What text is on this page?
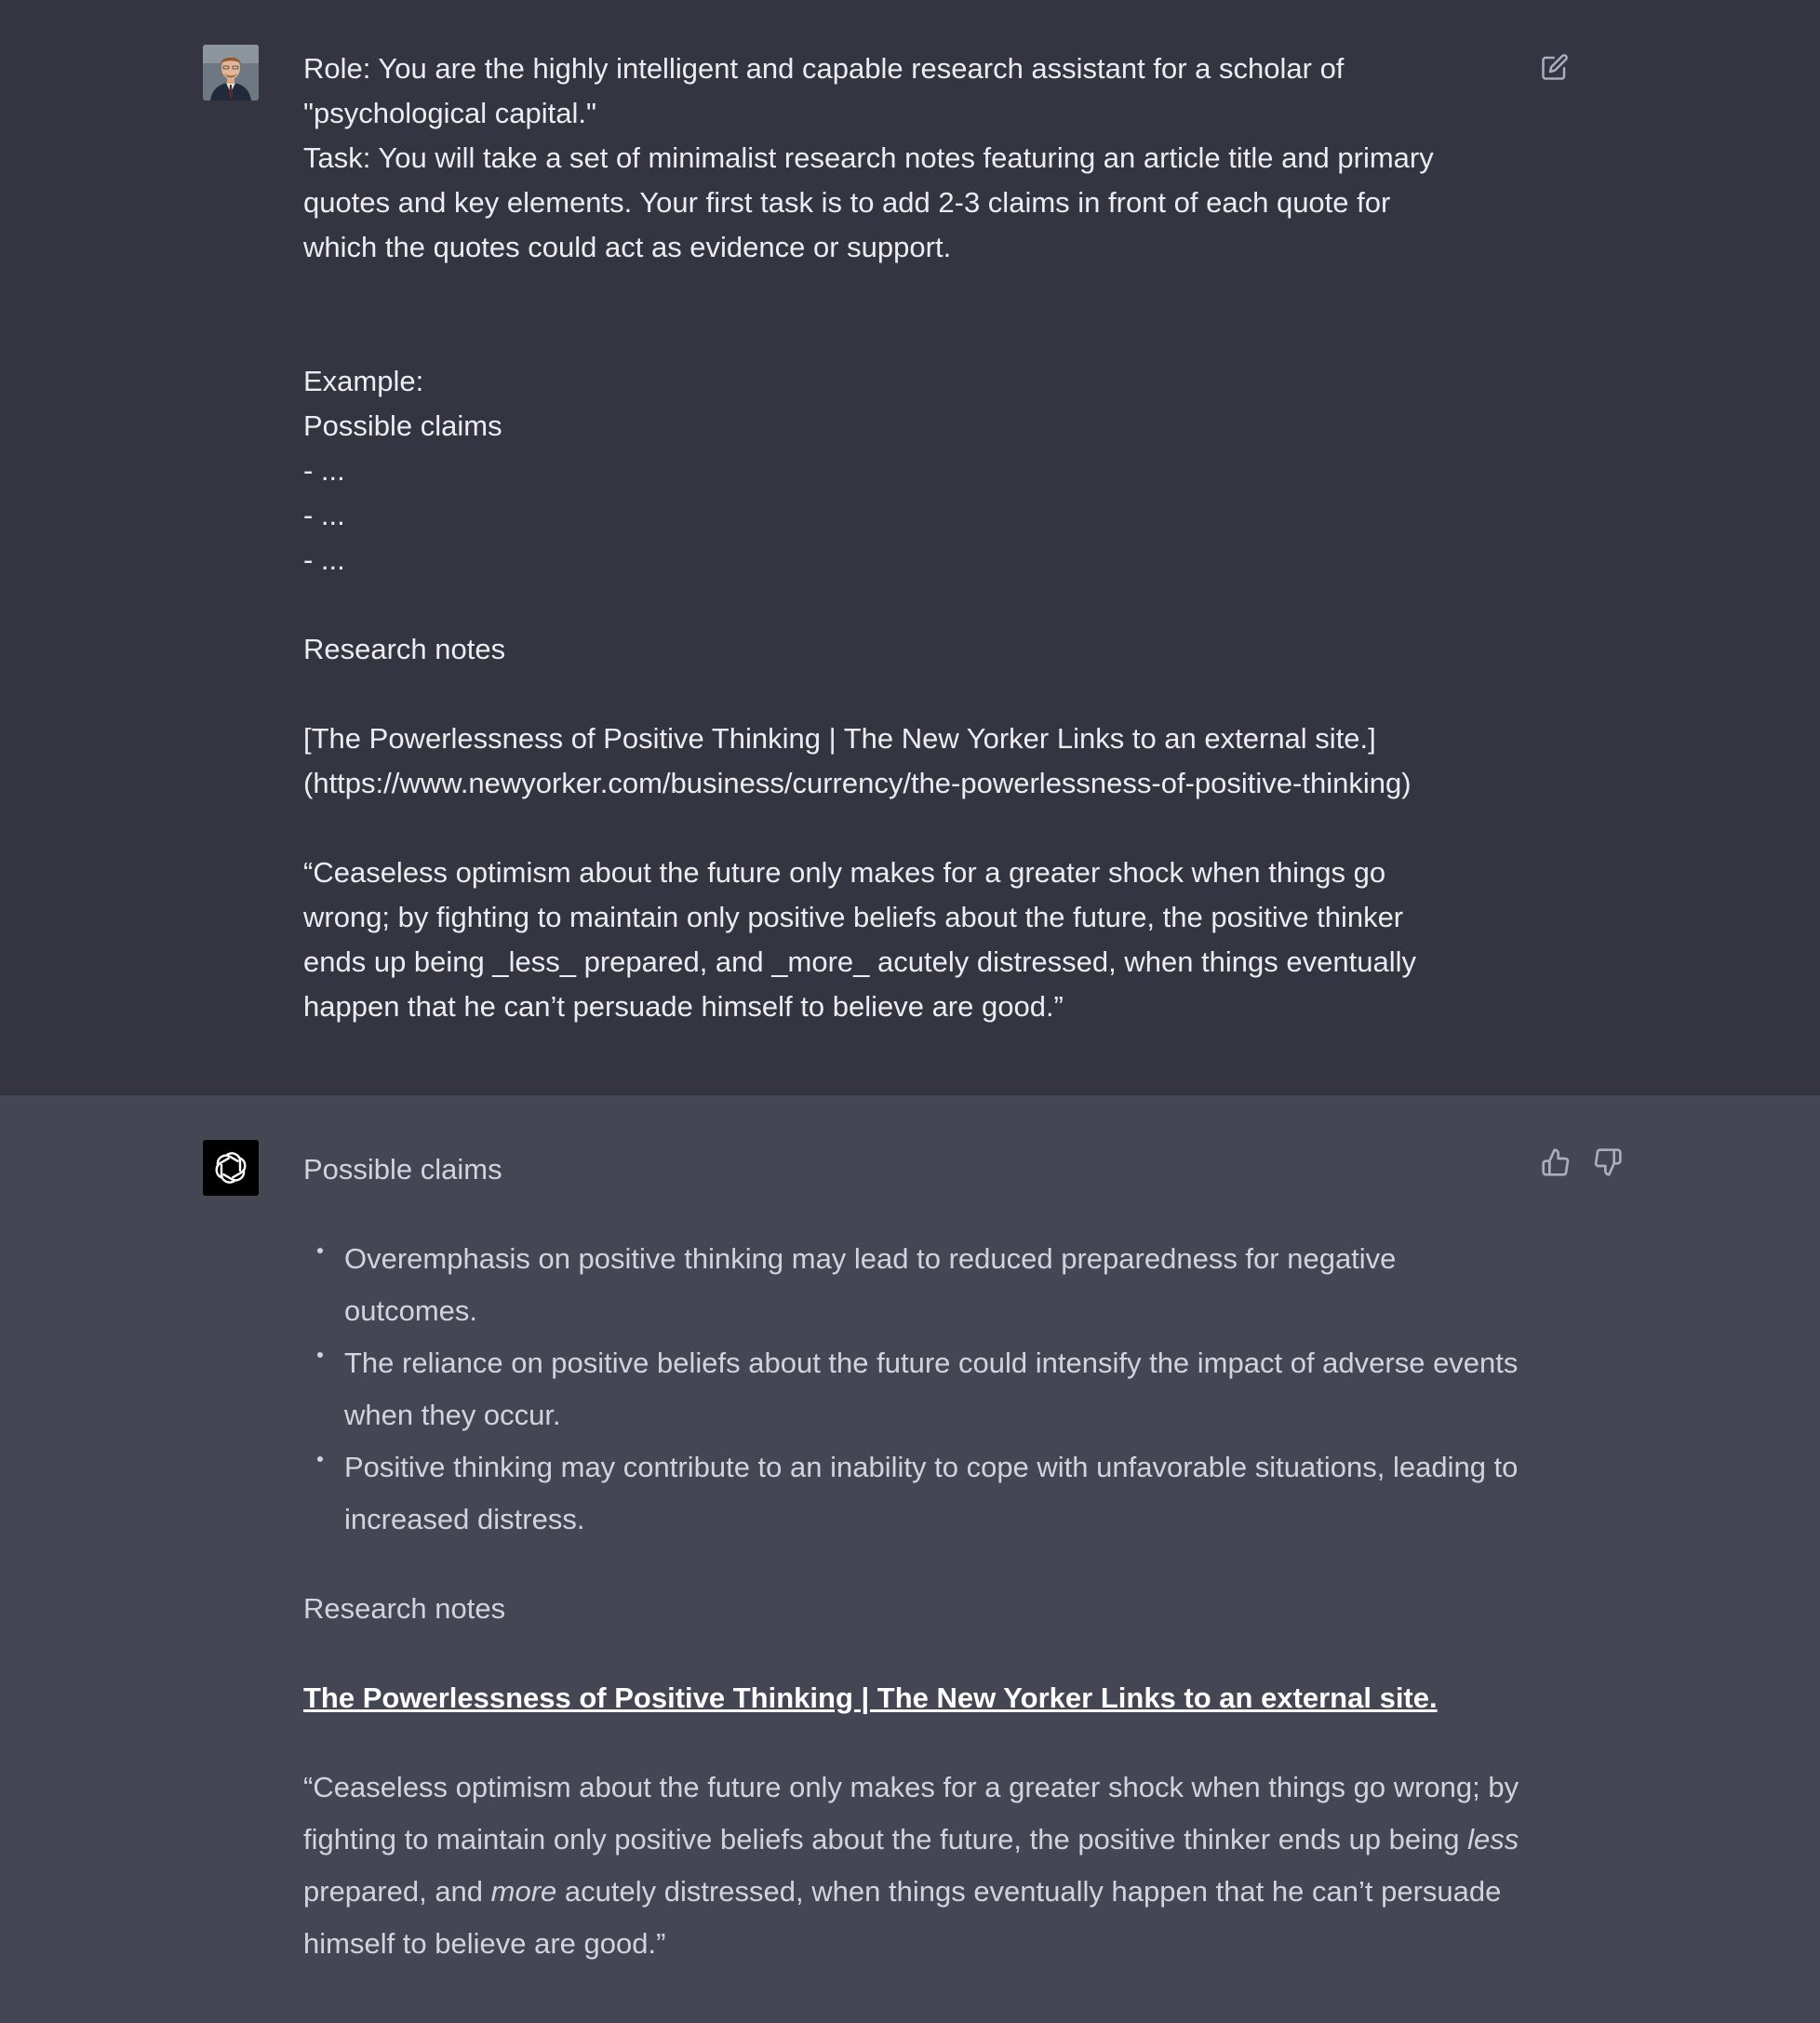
Role: You are the highly intelligent and capable research assistant for a scholar of
"psychological capital."
Task: You will take a set of minimalist research notes featuring an article title and primary
quotes and key elements. Your first task is to add 2-3 claims in front of each quote for
which the quotes could act as evidence or support.
Example:
Possible claims
- ...
- ...
- ...
Research notes
[The Powerlessness of Positive Thinking | The New Yorker Links to an external site.]
(https://www.newyorker.com/business/currency/the-powerlessness-of-positive-thinking)
“Ceaseless optimism about the future only makes for a greater shock when things go
wrong; by fighting to maintain only positive beliefs about the future, the positive thinker
ends up being _less_ prepared, and _more_ acutely distressed, when things eventually
happen that he can’t persuade himself to believe are good.”
Possible claims
Overemphasis on positive thinking may lead to reduced preparedness for negative outcomes.
The reliance on positive beliefs about the future could intensify the impact of adverse events when they occur.
Positive thinking may contribute to an inability to cope with unfavorable situations, leading to increased distress.
Research notes
The Powerlessness of Positive Thinking | The New Yorker Links to an external site.
“Ceaseless optimism about the future only makes for a greater shock when things go wrong; by fighting to maintain only positive beliefs about the future, the positive thinker ends up being less prepared, and more acutely distressed, when things eventually happen that he can’t persuade himself to believe are good.”
